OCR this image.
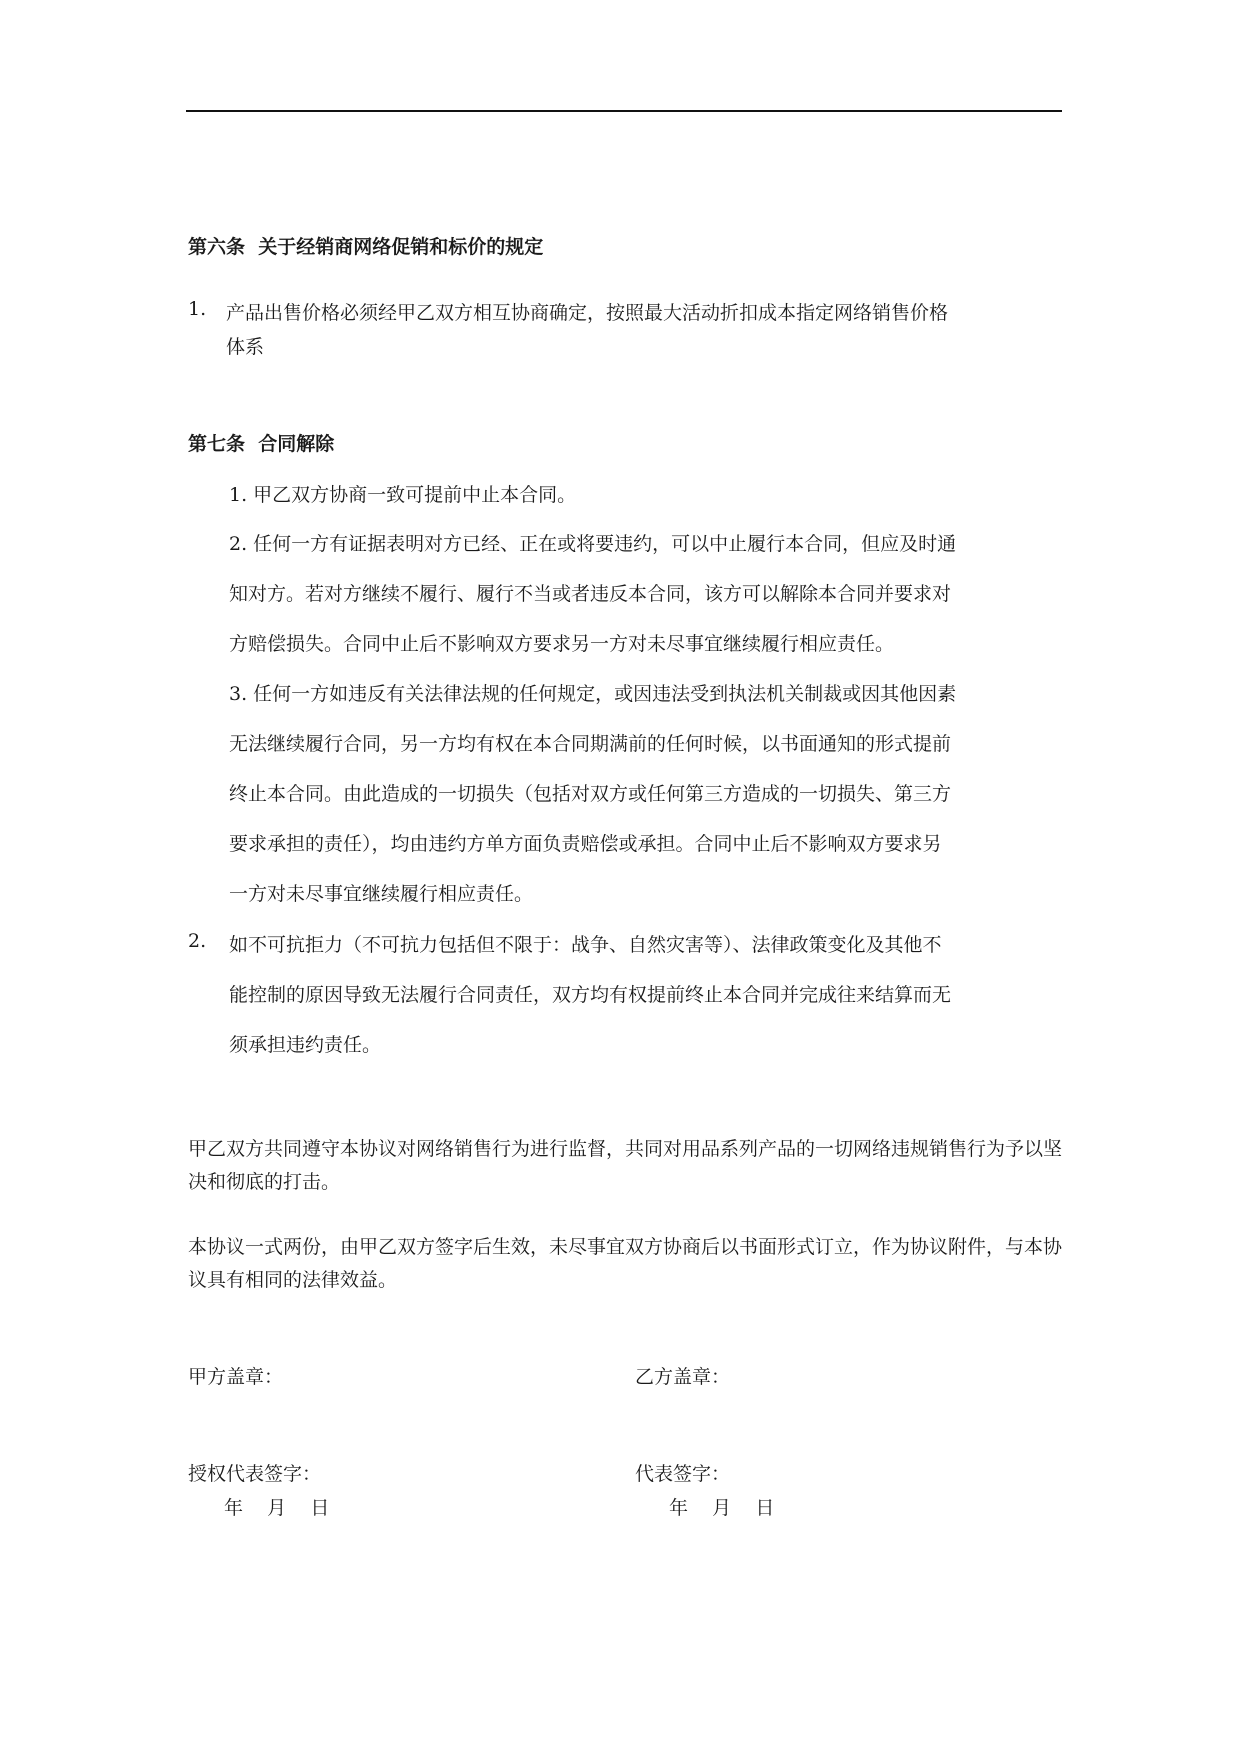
第六条  关于经销商网络促销和标价的规定
1. 产品出售价格必须经甲乙双方相互协商确定，按照最大活动折扣成本指定网络销售价格
体系
第七条  合同解除
1. 甲乙双方协商一致可提前中止本合同。
2. 任何一方有证据表明对方已经、正在或将要违约，可以中止履行本合同，但应及时通
知对方。若对方继续不履行、履行不当或者违反本合同，该方可以解除本合同并要求对
方赔偿损失。合同中止后不影响双方要求另一方对未尽事宜继续履行相应责任。
3. 任何一方如违反有关法律法规的任何规定，或因违法受到执法机关制裁或因其他因素
无法继续履行合同，另一方均有权在本合同期满前的任何时候，以书面通知的形式提前
终止本合同。由此造成的一切损失（包括对双方或任何第三方造成的一切损失、第三方
要求承担的责任），均由违约方单方面负责赔偿或承担。合同中止后不影响双方要求另
一方对未尽事宜继续履行相应责任。
2. 如不可抗拒力（不可抗力包括但不限于：战争、自然灾害等）、法律政策变化及其他不
能控制的原因导致无法履行合同责任，双方均有权提前终止本合同并完成往来结算而无
须承担违约责任。
甲乙双方共同遵守本协议对网络销售行为进行监督，共同对用品系列产品的一切网络违规销售行为予以坚决和彻底的打击。
本协议一式两份，由甲乙双方签字后生效，未尽事宜双方协商后以书面形式订立，作为协议附件，与本协议具有相同的法律效益。
甲方盖章：	乙方盖章：
授权代表签字：	代表签字：
年    月    日	年    月    日
